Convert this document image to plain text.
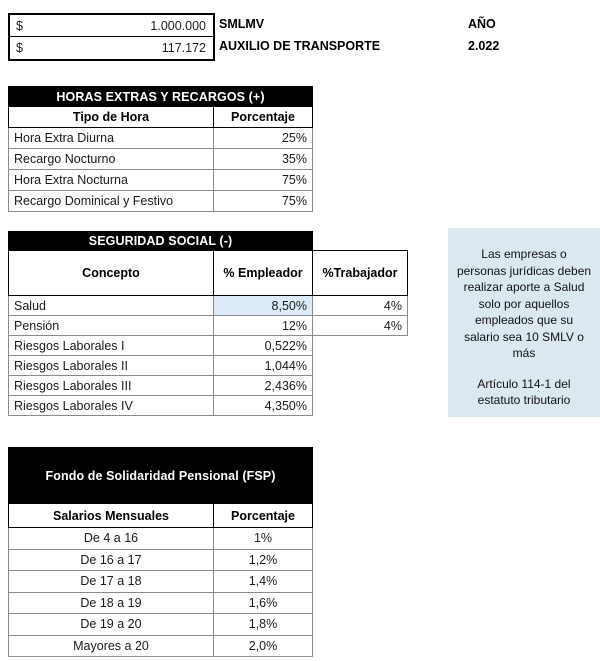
$	1.000.000
$	117.172
SMLMV
AUXILIO DE TRANSPORTE
AÑO
2.022
HORAS EXTRAS Y RECARGOS (+)	
Tipo de Hora	Porcentaje
Hora Extra Diurna	25%
Recargo Nocturno	35%
Hora Extra Nocturna	75%
Recargo Dominical y Festivo	75%
SEGURIDAD SOCIAL (-)		
Concepto	% Empleador	%Trabajador
Salud	8,50%	4%
Pensión	12%	4%
Riesgos Laborales I	0,522%	
Riesgos Laborales II	1,044%	
Riesgos Laborales III	2,436%	
Riesgos Laborales IV	4,350%	
Las empresas o personas jurídicas deben realizar aporte a Salud solo por aquellos empleados que su salario sea 10 SMLV o más
Artículo 114-1 del estatuto tributario
Fondo de Solidaridad Pensional (FSP)	
Salarios Mensuales	Porcentaje
De 4 a 16	1%
De 16 a 17	1,2%
De 17 a 18	1,4%
De 18 a 19	1,6%
De 19 a 20	1,8%
Mayores a 20	2,0%
